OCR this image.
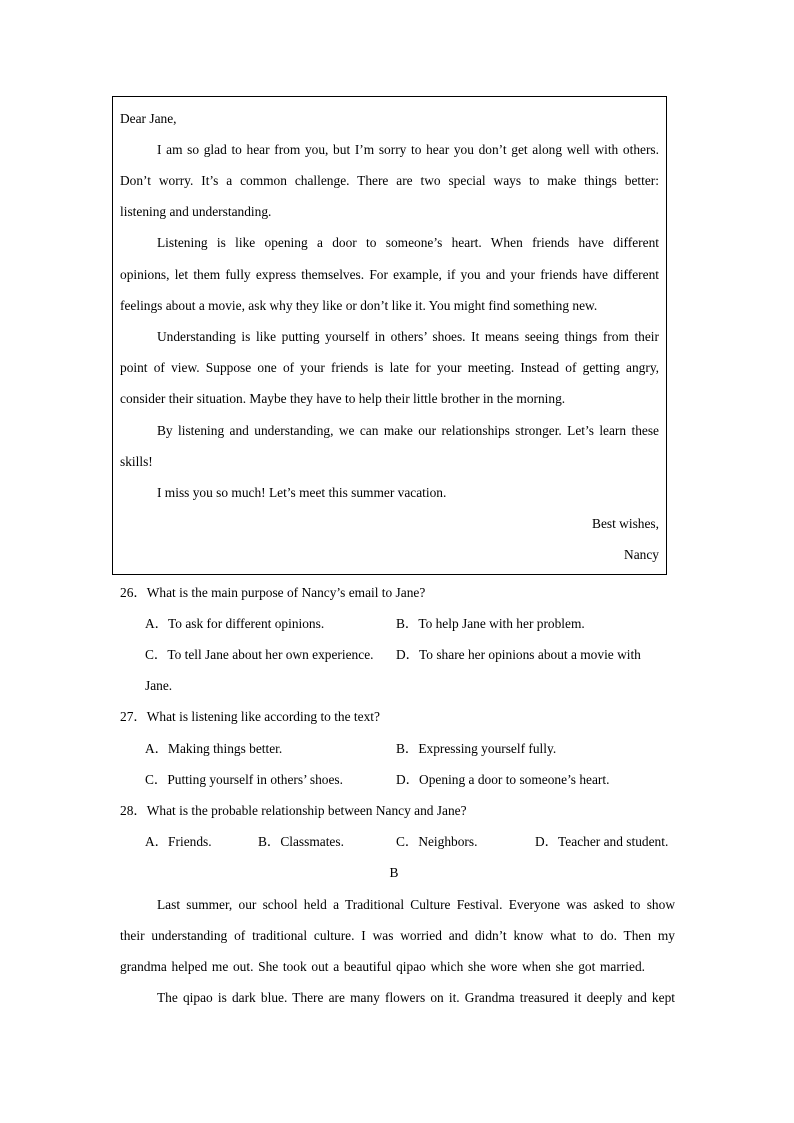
Dear Jane,
I am so glad to hear from you, but I’m sorry to hear you don’t get along well with others.
Don’t worry. It’s a common challenge. There are two special ways to make things better:
listening and understanding.
Listening is like opening a door to someone’s heart. When friends have different
opinions, let them fully express themselves. For example, if you and your friends have different
feelings about a movie, ask why they like or don’t like it. You might find something new.
Understanding is like putting yourself in others’ shoes. It means seeing things from their
point of view. Suppose one of your friends is late for your meeting. Instead of getting angry,
consider their situation. Maybe they have to help their little brother in the morning.
By listening and understanding, we can make our relationships stronger. Let’s learn these
skills!
I miss you so much! Let’s meet this summer vacation.
Best wishes,
Nancy
26．What is the main purpose of Nancy’s email to Jane?
A．To ask for different opinions.	B．To help Jane with her problem.
C．To tell Jane about her own experience. D．To share her opinions about a movie with
Jane.
27．What is listening like according to the text?
A．Making things better.	B．Expressing yourself fully.
C．Putting yourself in others’ shoes.	D．Opening a door to someone’s heart.
28．What is the probable relationship between Nancy and Jane?
A．Friends.	B．Classmates.	C．Neighbors.	D．Teacher and student.
B
Last summer, our school held a Traditional Culture Festival. Everyone was asked to show
their understanding of traditional culture. I was worried and didn’t know what to do. Then my
grandma helped me out. She took out a beautiful qipao which she wore when she got married.
The qipao is dark blue. There are many flowers on it. Grandma treasured it deeply and kept
